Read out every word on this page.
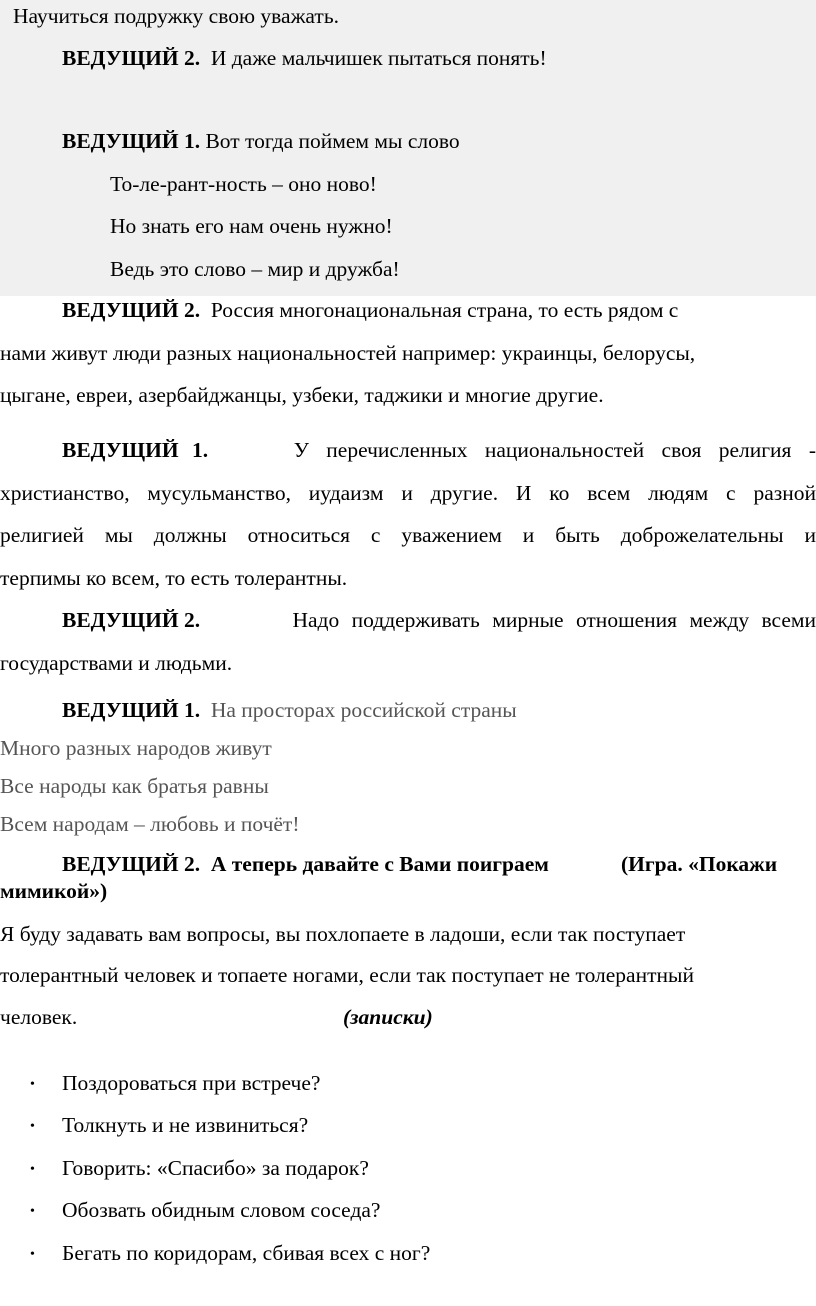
Научиться подружку свою уважать.
ВЕДУЩИЙ 2. И даже мальчишек пытаться понять!
ВЕДУЩИЙ 1. Вот тогда поймем мы слово
То-ле-рант-ность – оно ново!
Но знать его нам очень нужно!
Ведь это слово – мир и дружба!
ВЕДУЩИЙ 2. Россия многонациональная страна, то есть рядом с
нами живут люди разных национальностей например: украинцы, белорусы,
цыгане, евреи, азербайджанцы, узбеки, таджики и многие другие.
ВЕДУЩИЙ 1.	У перечисленных национальностей своя религия -
христианство, мусульманство, иудаизм и другие. И ко всем людям с разной
религией мы должны относиться с уважением и быть доброжелательны и
терпимы ко всем, то есть толерантны.
ВЕДУЩИЙ 2.	Надо поддерживать мирные отношения между всеми
государствами и людьми.
ВЕДУЩИЙ 1. На просторах российской страны
Много разных народов живут
Все народы как братья равны
Всем народам – любовь и почёт!
ВЕДУЩИЙ 2. А теперь давайте с Вами поиграем	(Игра. «Покажи
мимикой»)
Я буду задавать вам вопросы, вы похлопаете в ладоши, если так поступает
толерантный человек и топаете ногами, если так поступает не толерантный
человек.	(записки)
• Поздороваться при встрече?
• Толкнуть и не извиниться?
• Говорить: «Спасибо» за подарок?
• Обозвать обидным словом соседа?
• Бегать по коридорам, сбивая всех с ног?
